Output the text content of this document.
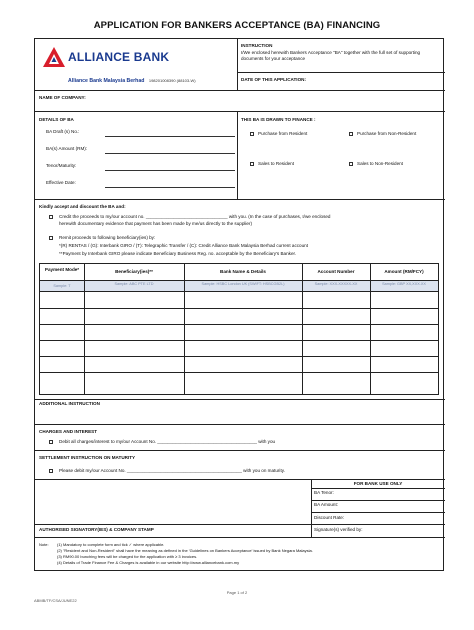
APPLICATION FOR BANKERS ACCEPTANCE (BA) FINANCING
ALLIANCE BANK
Alliance Bank Malaysia Berhad 198201008390 (88103-W)
INSTRUCTION
I/We enclosed herewith Bankers Acceptance "BA" together with the full set of supporting documents for your acceptance
DATE OF THIS APPLICATION:
NAME OF COMPANY:
DETAILS OF BA
BA Draft (s) No.:
BA(s) Amount (RM):
Tenor/Maturity:
Effective Date:
THIS BA IS DRAWN TO FINANCE :
Purchase from Resident	Purchase from Non-Resident
Sales to Resident	Sales to Non-Resident
Kindly accept and discount the BA and:
Credit the proceeds to my/our account no. ________________________________ with you. (In the case of purchases, I/we enclosed
herewith documentary evidence that payment has been made by me/us directly to the supplier)
Remit proceeds to following beneficiary(ies) by:
*(R) RENTAS / (G): Interbank GIRO / (T): Telegraphic Transfer / (C): Credit Alliance Bank Malaysia Berhad current account
**Payment by Interbank GIRO please indicate Beneficiary Business Reg. no. acceptable by the Beneficiary's Banker.
Payment Mode*	Beneficiary(ies)**	Bank Name & Details	Account Number	Amount (RM/FCY)
Sample: T	Sample: ABC PTE LTD	Sample: HSBC London UK (SWIFT: HSBCGB2L)	Sample: XXX-XXXXX-XX	Sample: GBP XX,XXX.XX
ADDITIONAL INSTRUCTION
CHARGES AND INTEREST
Debit all charges/interest to my/our Account No. _______________________________________ with you
SETTLEMENT INSTRUCTION ON MATURITY
Please debit my/our Account No. _____________________________________________ with you on maturity.
FOR BANK USE ONLY
BA Tenor:
BA Amount:
Discount Rate:
Signature(s) verified by:
AUTHORISED SIGNATORY(IES) & COMPANY STAMP
Note: (1) Mandatory to complete form and tick ✓ where applicable.
(2) "Resident and Non-Resident" shall have the meaning as defined in the 'Guidelines on Bankers Acceptance' issued by Bank Negara Malaysia.
(3) RM90.00 bunching fees will be charged for the application with ≥ 3 invoices.
(4) Details of Trade Finance Fee & Charges is available in our website http://www.alliancebank.com.my
Page 1 of 2
ABMB/TF/CSA/JUNE22
